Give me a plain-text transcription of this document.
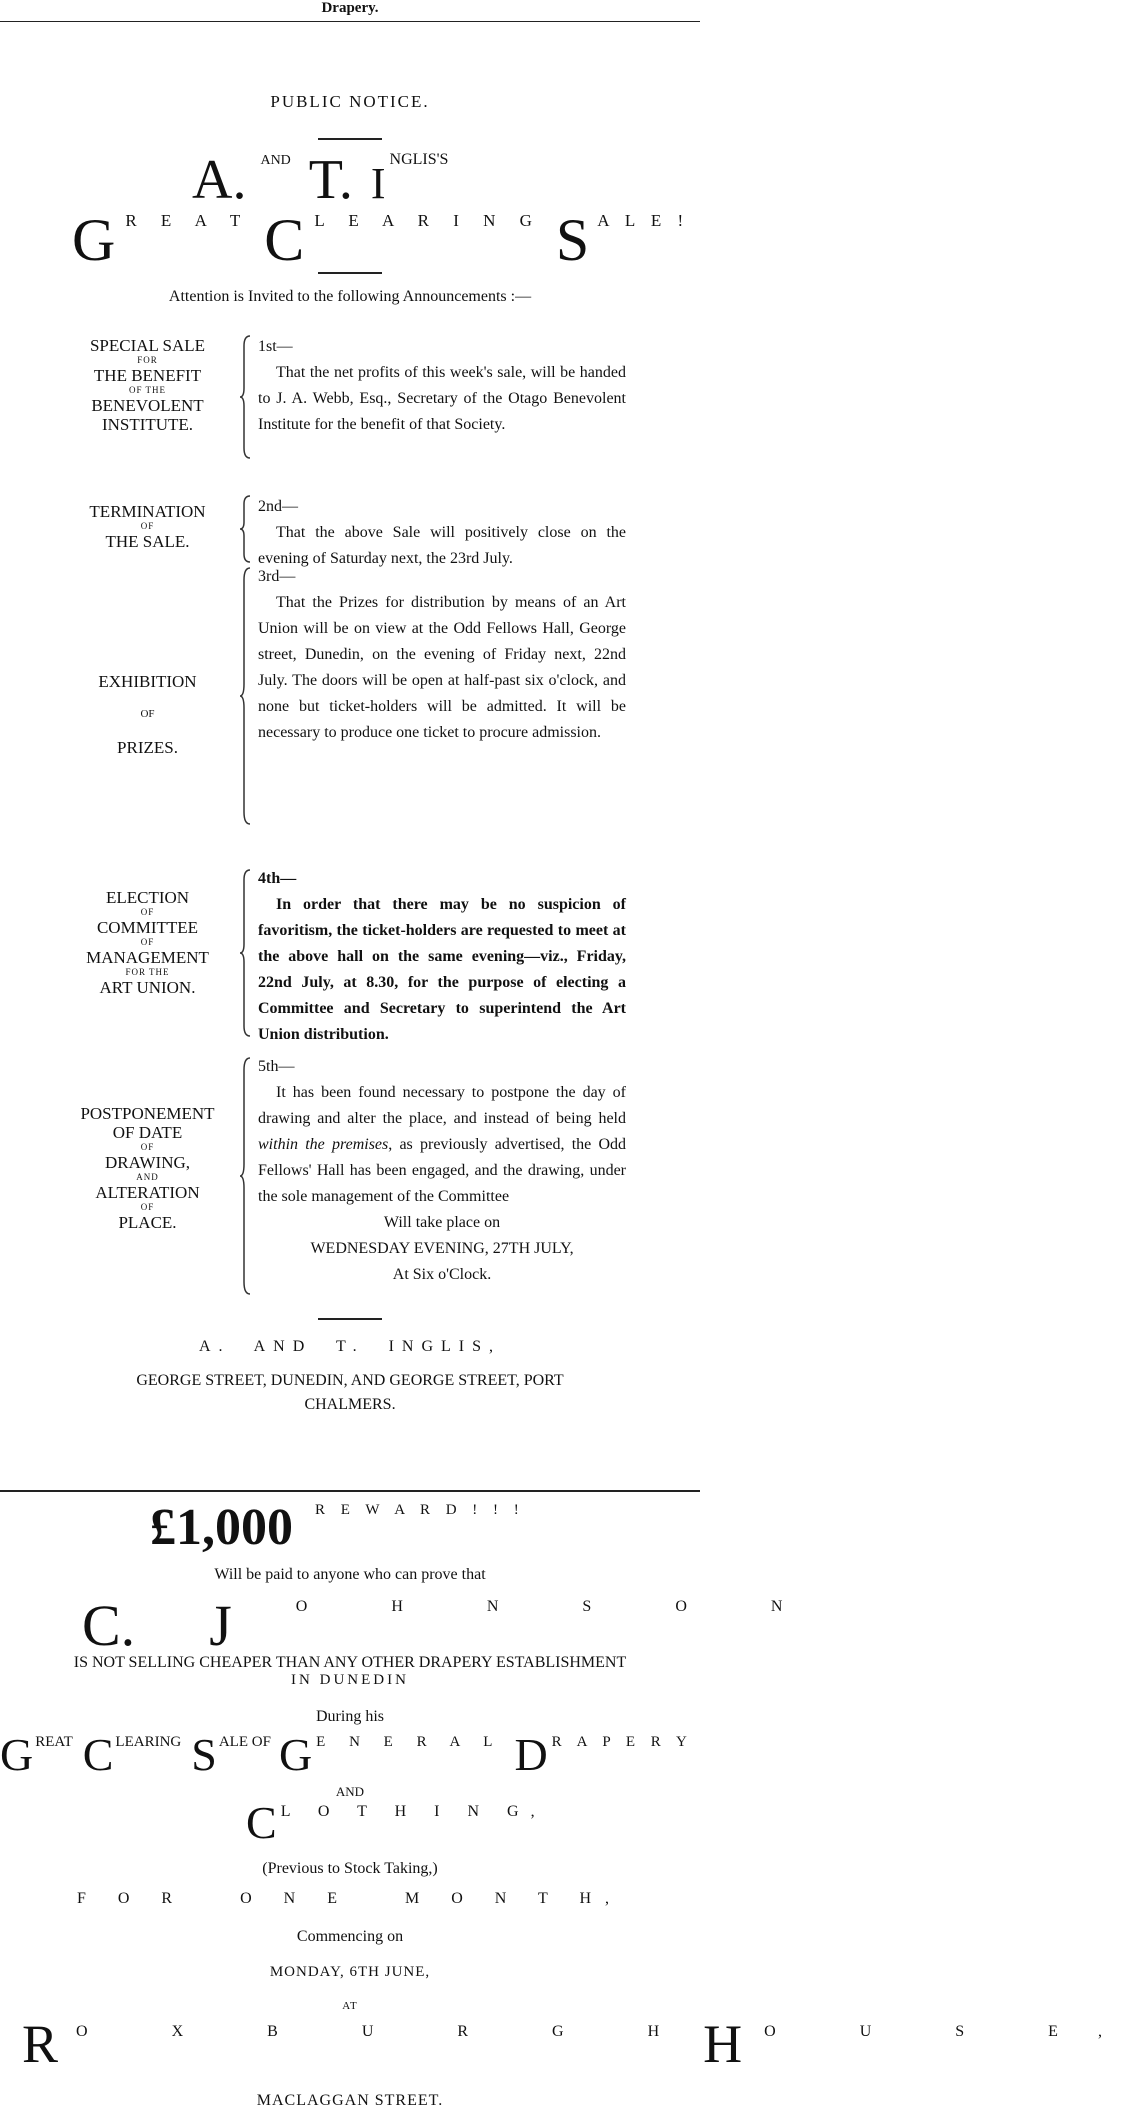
Drapery.
PUBLIC NOTICE.
A. AND T. I NGLIS'S
G R E A T C L E A R I N G S A L E !
Attention is Invited to the following Announcements :—
SPECIAL SALE
FOR
THE BENEFIT
OF THE
BENEVOLENT
INSTITUTE.

1st—

That the net profits of this week's sale, will be handed to J. A. Webb, Esq., Secretary of the Otago Benevolent Institute for the benefit of that Society.

TERMINATION
OF
THE SALE.

2nd—

That the above Sale will positively close on the evening of Saturday next, the 23rd July.

EXHIBITION
OF
PRIZES.

3rd—

That the Prizes for distribution by means of an Art Union will be on view at the Odd Fellows Hall, George street, Dunedin, on the evening of Friday next, 22nd July. The doors will be open at half-past six o'clock, and none but ticket-holders will be admitted. It will be necessary to produce one ticket to procure admission.

ELECTION
OF
COMMITTEE
OF
MANAGEMENT
FOR THE
ART UNION.

4th—

In order that there may be no suspicion of favoritism, the ticket-holders are requested to meet at the above hall on the same evening—viz., Friday, 22nd July, at 8.30, for the purpose of electing a Committee and Secretary to superintend the Art Union distribution.

POSTPONEMENT
OF DATE
OF
DRAWING,
AND
ALTERATION
OF
PLACE.

5th—

It has been found necessary to postpone the day of drawing and alter the place, and instead of being held within the premises, as previously advertised, the Odd Fellows' Hall has been engaged, and the drawing, under the sole management of the Committee

Will take place on

WEDNESDAY EVENING, 27TH JULY,

At Six o'Clock.

A. AND T. INGLIS,
GEORGE STREET, DUNEDIN, AND GEORGE STREET, PORT
CHALMERS.
£1,000 R E W A R D ! ! !
Will be paid to anyone who can prove that
C. J	O H N S O N
IS NOT SELLING CHEAPER THAN ANY OTHER DRAPERY ESTABLISHMENT
IN DUNEDIN
During his
GREAT C LEARING S ALE OF G E N E R A L D R A P E R Y
AND
C L O T H I N G,
(Previous to Stock Taking,)
F O R   O N E   M O N T H,
Commencing on
MONDAY, 6TH JUNE,
AT
R O X B U R G H H O U S E,
MACLAGGAN STREET.
